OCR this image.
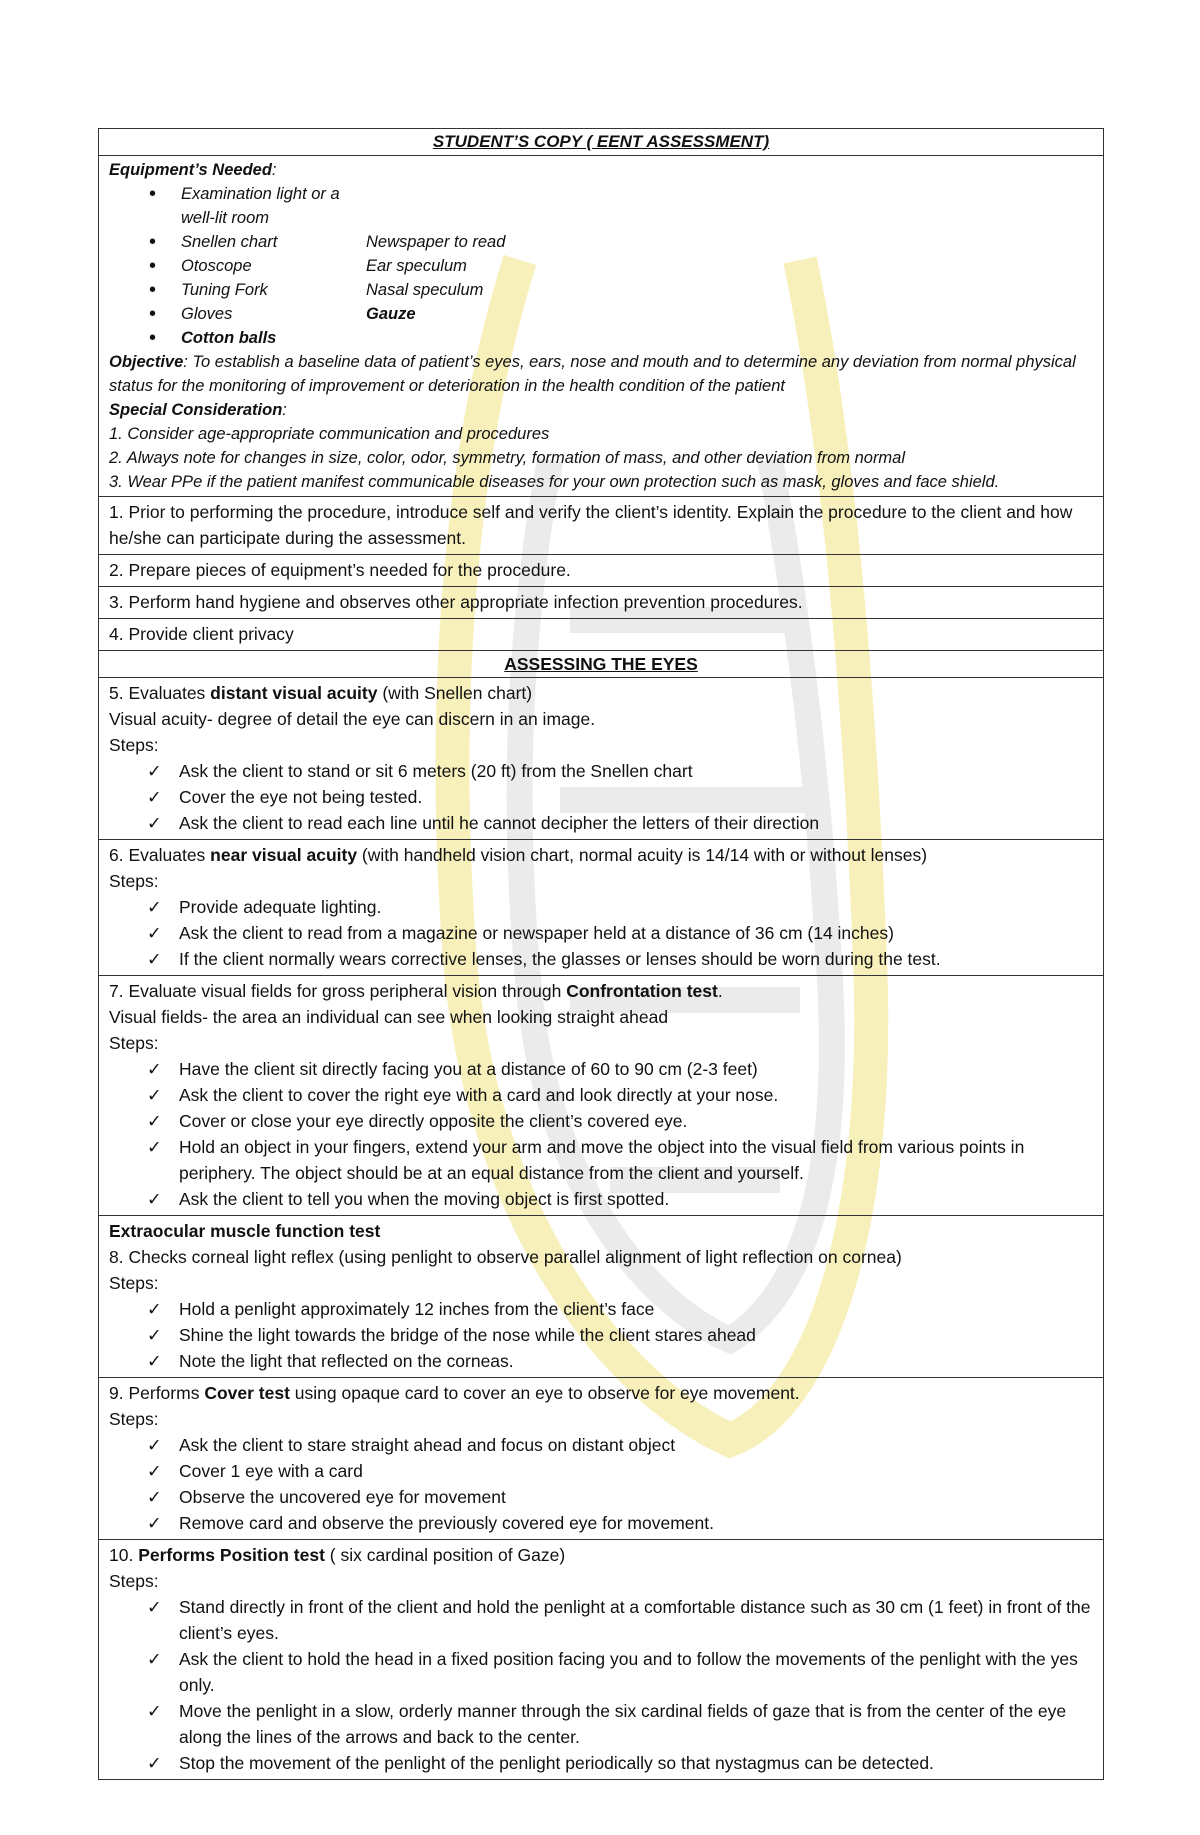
STUDENT’S COPY ( EENT ASSESSMENT)
Equipment’s Needed:
• Examination light or a well-lit room
• Snellen chart	Newspaper to read
• Otoscope	Ear speculum
• Tuning Fork	Nasal speculum
• Gloves	Gauze
• Cotton balls
Objective: To establish a baseline data of patient’s eyes, ears, nose and mouth and to determine any deviation from normal physical status for the monitoring of improvement or deterioration in the health condition of the patient
Special Consideration:
1. Consider age-appropriate communication and procedures
2. Always note for changes in size, color, odor, symmetry, formation of mass, and other deviation from normal
3. Wear PPe if the patient manifest communicable diseases for your own protection such as mask, gloves and face shield.
1. Prior to performing the procedure, introduce self and verify the client’s identity. Explain the procedure to the client and how he/she can participate during the assessment.
2. Prepare pieces of equipment’s needed for the procedure.
3. Perform hand hygiene and observes other appropriate infection prevention procedures.
4. Provide client privacy
ASSESSING THE EYES
5. Evaluates distant visual acuity (with Snellen chart)
Visual acuity- degree of detail the eye can discern in an image.
Steps:
✓ Ask the client to stand or sit 6 meters (20 ft) from the Snellen chart
✓ Cover the eye not being tested.
✓ Ask the client to read each line until he cannot decipher the letters of their direction
6. Evaluates near visual acuity (with handheld vision chart, normal acuity is 14/14 with or without lenses)
Steps:
✓ Provide adequate lighting.
✓ Ask the client to read from a magazine or newspaper held at a distance of 36 cm (14 inches)
✓ If the client normally wears corrective lenses, the glasses or lenses should be worn during the test.
7. Evaluate visual fields for gross peripheral vision through Confrontation test.
Visual fields- the area an individual can see when looking straight ahead
Steps:
✓ Have the client sit directly facing you at a distance of 60 to 90 cm (2-3 feet)
✓ Ask the client to cover the right eye with a card and look directly at your nose.
✓ Cover or close your eye directly opposite the client’s covered eye.
✓ Hold an object in your fingers, extend your arm and move the object into the visual field from various points in periphery. The object should be at an equal distance from the client and yourself.
✓ Ask the client to tell you when the moving object is first spotted.
Extraocular muscle function test
8. Checks corneal light reflex (using penlight to observe parallel alignment of light reflection on cornea)
Steps:
✓ Hold a penlight approximately 12 inches from the client’s face
✓ Shine the light towards the bridge of the nose while the client stares ahead
✓ Note the light that reflected on the corneas.
9. Performs Cover test using opaque card to cover an eye to observe for eye movement.
Steps:
✓ Ask the client to stare straight ahead and focus on distant object
✓ Cover 1 eye with a card
✓ Observe the uncovered eye for movement
✓ Remove card and observe the previously covered eye for movement.
10. Performs Position test ( six cardinal position of Gaze)
Steps:
✓ Stand directly in front of the client and hold the penlight at a comfortable distance such as 30 cm (1 feet) in front of the client’s eyes.
✓ Ask the client to hold the head in a fixed position facing you and to follow the movements of the penlight with the yes only.
✓ Move the penlight in a slow, orderly manner through the six cardinal fields of gaze that is from the center of the eye along the lines of the arrows and back to the center.
✓ Stop the movement of the penlight of the penlight periodically so that nystagmus can be detected.
